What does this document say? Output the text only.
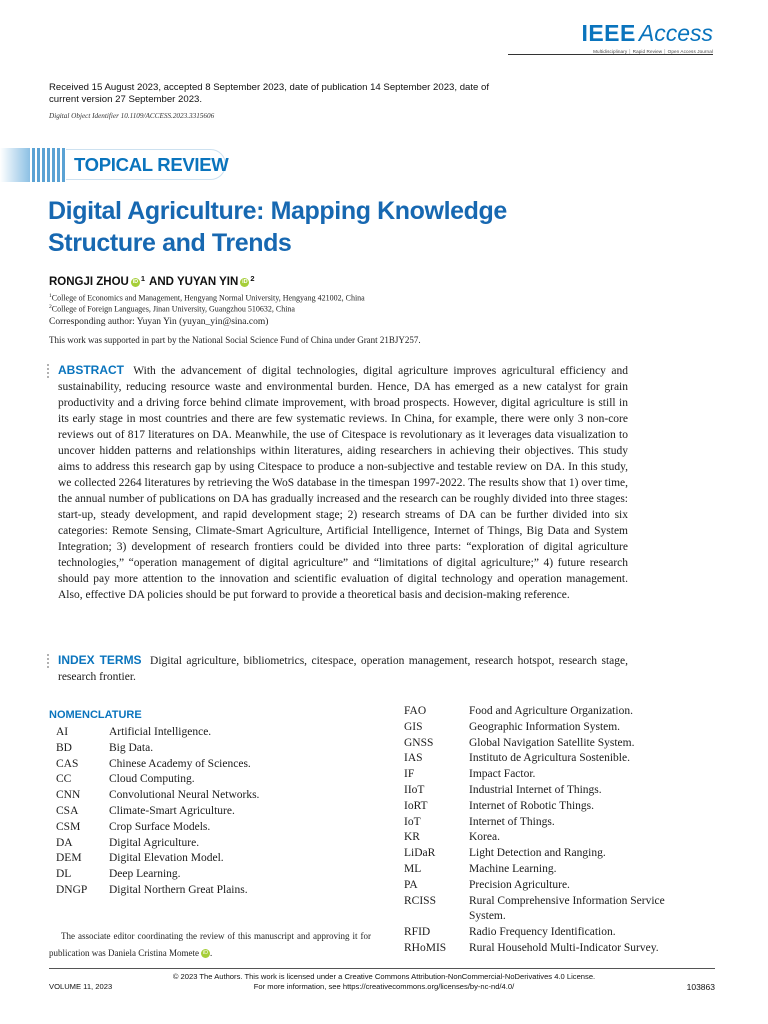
IEEE Access
Multidisciplinary ⏐ Rapid Review ⏐ Open Access Journal
Received 15 August 2023, accepted 8 September 2023, date of publication 14 September 2023, date of current version 27 September 2023.
Digital Object Identifier 10.1109/ACCESS.2023.3315606
TOPICAL REVIEW
Digital Agriculture: Mapping Knowledge Structure and Trends
RONGJI ZHOU iD 1 AND YUYAN YIN iD 2
$^1$College of Economics and Management, Hengyang Normal University, Hengyang 421002, China
$^2$College of Foreign Languages, Jinan University, Guangzhou 510632, China
Corresponding author: Yuyan Yin (yuyan_yin@sina.com)
This work was supported in part by the National Social Science Fund of China under Grant 21BJY257.

ABSTRACT With the advancement of digital technologies, digital agriculture improves agricultural efficiency and sustainability, reducing resource waste and environmental burden. Hence, DA has emerged as a new catalyst for grain productivity and a driving force behind climate improvement, with broad prospects. However, digital agriculture is still in its early stage in most countries and there are few systematic reviews. In China, for example, there were only 3 non-core reviews out of 817 literatures on DA. Meanwhile, the use of Citespace is revolutionary as it leverages data visualization to uncover hidden patterns and relationships within literatures, aiding researchers in achieving their objectives. This study aims to address this research gap by using Citespace to produce a non-subjective and testable review on DA. In this study, we collected 2264 literatures by retrieving the WoS database in the timespan 1997-2022. The results show that 1) over time, the annual number of publications on DA has gradually increased and the research can be roughly divided into three stages: start-up, steady development, and rapid development stage; 2) research streams of DA can be further divided into six categories: Remote Sensing, Climate-Smart Agriculture, Artificial Intelligence, Internet of Things, Big Data and System Integration; 3) development of research frontiers could be divided into three parts: “exploration of digital agriculture technologies,” “operation management of digital agriculture” and “limitations of digital agriculture;” 4) future research should pay more attention to the innovation and scientific evaluation of digital technology and operation management. Also, effective DA policies should be put forward to provide a theoretical basis and decision-making reference.

INDEX TERMS Digital agriculture, bibliometrics, citespace, operation management, research hotspot, research stage, research frontier.

NOMENCLATURE
AI	Artificial Intelligence.
BD	Big Data.
CAS	Chinese Academy of Sciences.
CC	Cloud Computing.
CNN	Convolutional Neural Networks.
CSA	Climate-Smart Agriculture.
CSM	Crop Surface Models.
DA	Digital Agriculture.
DEM	Digital Elevation Model.
DL	Deep Learning.
DNGP	Digital Northern Great Plains.
FAO	Food and Agriculture Organization.
GIS	Geographic Information System.
GNSS	Global Navigation Satellite System.
IAS	Instituto de Agricultura Sostenible.
IF	Impact Factor.
IIoT	Industrial Internet of Things.
IoRT	Internet of Robotic Things.
IoT	Internet of Things.
KR	Korea.
LiDaR	Light Detection and Ranging.
ML	Machine Learning.
PA	Precision Agriculture.
RCISS	Rural Comprehensive Information Service System.
RFID	Radio Frequency Identification.
RHoMIS	Rural Household Multi-Indicator Survey.

The associate editor coordinating the review of this manuscript and approving it for publication was Daniela Cristina Momete iD .

© 2023 The Authors. This work is licensed under a Creative Commons Attribution-NonCommercial-NoDerivatives 4.0 License.
For more information, see https://creativecommons.org/licenses/by-nc-nd/4.0/
VOLUME 11, 2023	103863
